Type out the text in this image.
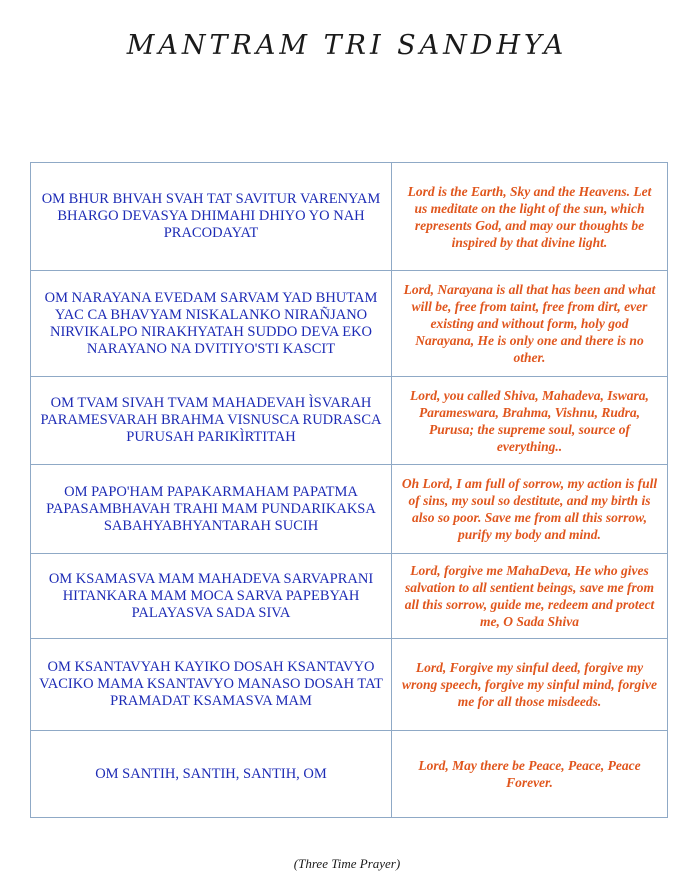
MANTRAM TRI SANDHYA
OM BHUR BHVAH SVAH TAT SAVITUR VARENYAM BHARGO DEVASYA DHIMAHI DHIYO YO NAH PRACODAYAT	Lord is the Earth, Sky and the Heavens. Let us meditate on the light of the sun, which represents God, and may our thoughts be inspired by that divine light.
OM NARAYANA EVEDAM SARVAM YAD BHUTAM YAC CA BHAVYAM NISKALANKO NIRAÑJANO NIRVIKALPO NIRAKHYATAH SUDDO DEVA EKO NARAYANO NA DVITIYO'STI KASCIT	Lord, Narayana is all that has been and what will be, free from taint, free from dirt, ever existing and without form, holy god Narayana, He is only one and there is no other.
OM TVAM SIVAH TVAM MAHADEVAH ÌSVARAH PARAMESVARAH BRAHMA VISNUSCA RUDRASCA PURUSAH PARIKÌRTITAH	Lord, you called Shiva, Mahadeva, Iswara, Parameswara, Brahma, Vishnu, Rudra, Purusa; the supreme soul, source of everything..
OM PAPO'HAM PAPAKARMAHAM PAPATMA PAPASAMBHAVAH TRAHI MAM PUNDARIKAKSA SABAHYABHYANTARAH SUCIH	Oh Lord, I am full of sorrow, my action is full of sins, my soul so destitute, and my birth is also so poor. Save me from all this sorrow, purify my body and mind.
OM KSAMASVA MAM MAHADEVA SARVAPRANI HITANKARA MAM MOCA SARVA PAPEBYAH PALAYASVA SADA SIVA	Lord, forgive me MahaDeva, He who gives salvation to all sentient beings, save me from all this sorrow, guide me, redeem and protect me, O Sada Shiva
OM KSANTAVYAH KAYIKO DOSAH KSANTAVYO VACIKO MAMA KSANTAVYO MANASO DOSAH TAT PRAMADAT KSAMASVA MAM	Lord, Forgive my sinful deed, forgive my wrong speech, forgive my sinful mind, forgive me for all those misdeeds.
OM SANTIH, SANTIH, SANTIH, OM	Lord, May there be Peace, Peace, Peace Forever.
(Three Time Prayer)
